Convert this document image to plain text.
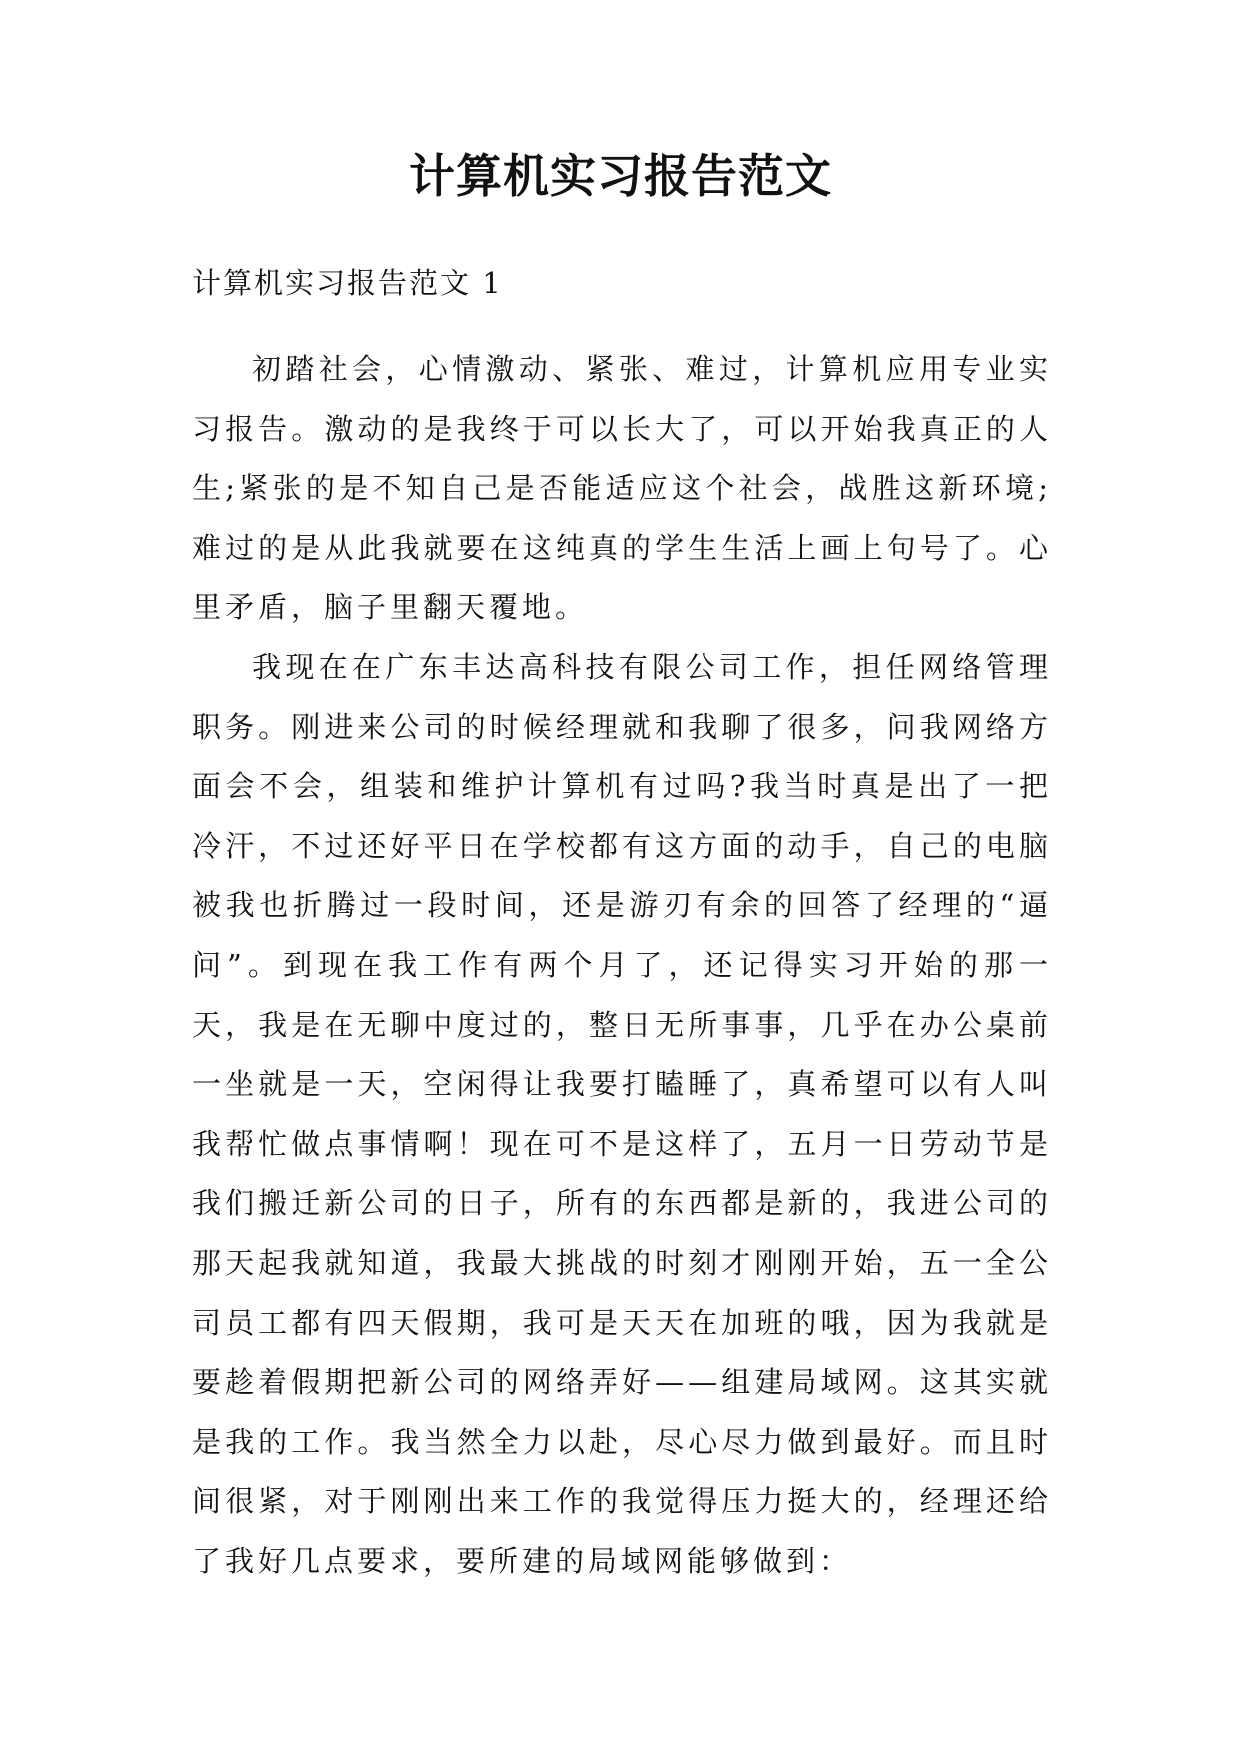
计算机实习报告范文
计算机实习报告范文 1

初踏社会，心情激动、紧张、难过，计算机应用专业实习报告。激动的是我终于可以长大了，可以开始我真正的人生;紧张的是不知自己是否能适应这个社会，战胜这新环境;难过的是从此我就要在这纯真的学生生活上画上句号了。心里矛盾，脑子里翻天覆地。

我现在在广东丰达高科技有限公司工作，担任网络管理职务。刚进来公司的时候经理就和我聊了很多，问我网络方面会不会，组装和维护计算机有过吗?我当时真是出了一把冷汗，不过还好平日在学校都有这方面的动手，自己的电脑被我也折腾过一段时间，还是游刃有余的回答了经理的“逼问”。到现在我工作有两个月了，还记得实习开始的那一天，我是在无聊中度过的，整日无所事事，几乎在办公桌前一坐就是一天，空闲得让我要打瞌睡了，真希望可以有人叫我帮忙做点事情啊！现在可不是这样了，五月一日劳动节是我们搬迁新公司的日子，所有的东西都是新的，我进公司的那天起我就知道，我最大挑战的时刻才刚刚开始，五一全公司员工都有四天假期，我可是天天在加班的哦，因为我就是要趁着假期把新公司的网络弄好——组建局域网。这其实就是我的工作。我当然全力以赴，尽心尽力做到最好。而且时间很紧，对于刚刚出来工作的我觉得压力挺大的，经理还给了我好几点要求，要所建的局域网能够做到：
